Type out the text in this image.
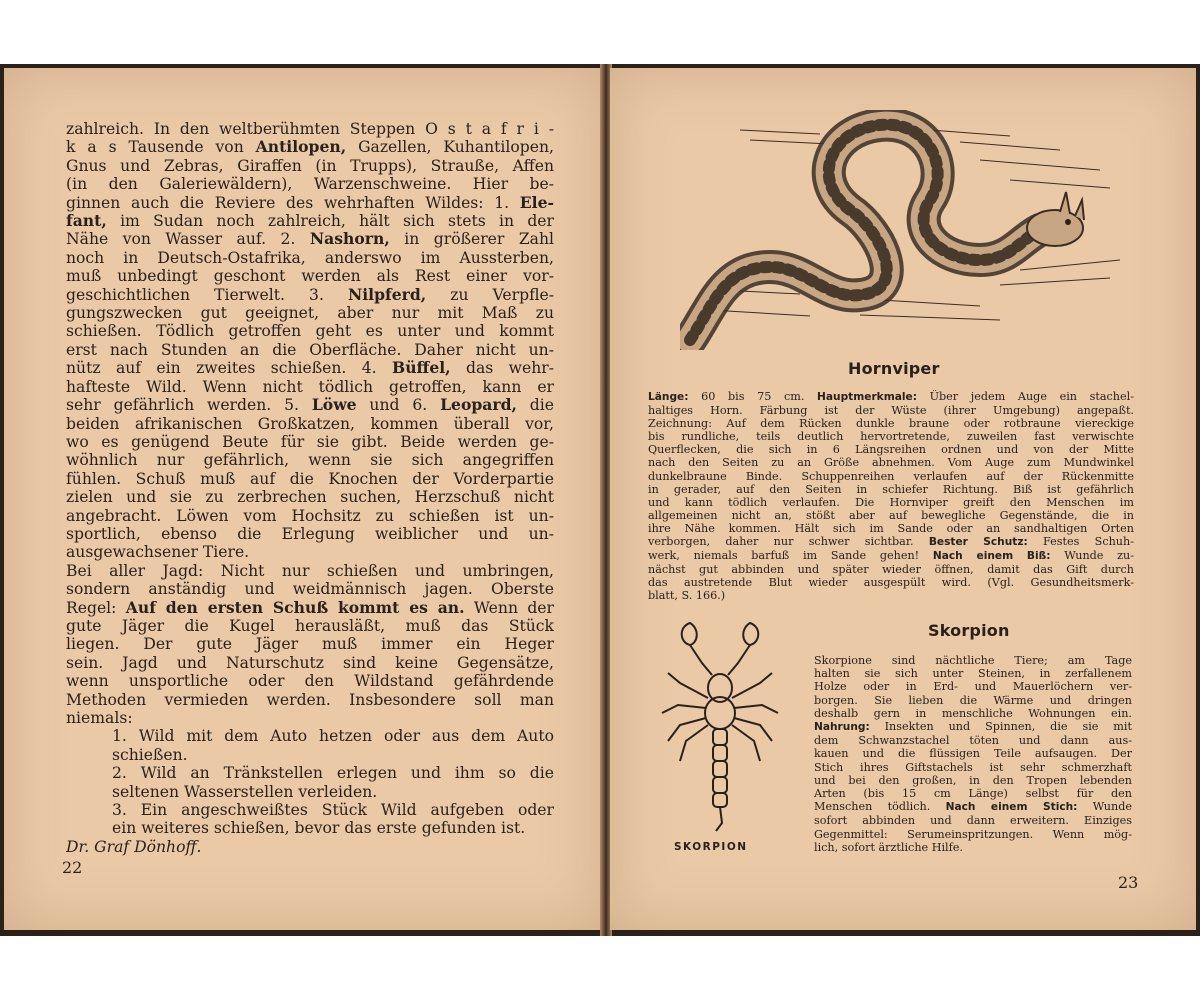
zahlreich. In den weltberühmten Steppen O s t a f r i -
k a s Tausende von Antilopen, Gazellen, Kuhantilopen,
Gnus und Zebras, Giraffen (in Trupps), Strauße, Affen
(in den Galeriewäldern), Warzenschweine. Hier be-
ginnen auch die Reviere des wehrhaften Wildes: 1. Ele-
fant, im Sudan noch zahlreich, hält sich stets in der
Nähe von Wasser auf. 2. Nashorn, in größerer Zahl
noch in Deutsch-Ostafrika, anderswo im Aussterben,
muß unbedingt geschont werden als Rest einer vor-
geschichtlichen Tierwelt. 3. Nilpferd, zu Verpfle-
gungszwecken gut geeignet, aber nur mit Maß zu
schießen. Tödlich getroffen geht es unter und kommt
erst nach Stunden an die Oberfläche. Daher nicht un-
nütz auf ein zweites schießen. 4. Büffel, das wehr-
hafteste Wild. Wenn nicht tödlich getroffen, kann er
sehr gefährlich werden. 5. Löwe und 6. Leopard, die
beiden afrikanischen Großkatzen, kommen überall vor,
wo es genügend Beute für sie gibt. Beide werden ge-
wöhnlich nur gefährlich, wenn sie sich angegriffen
fühlen. Schuß muß auf die Knochen der Vorderpartie
zielen und sie zu zerbrechen suchen, Herzschuß nicht
angebracht. Löwen vom Hochsitz zu schießen ist un-
sportlich, ebenso die Erlegung weiblicher und un-
ausgewachsener Tiere.
Bei aller Jagd: Nicht nur schießen und umbringen,
sondern anständig und weidmännisch jagen. Oberste
Regel: Auf den ersten Schuß kommt es an. Wenn der
gute Jäger die Kugel herausläßt, muß das Stück
liegen. Der gute Jäger muß immer ein Heger
sein. Jagd und Naturschutz sind keine Gegensätze,
wenn unsportliche oder den Wildstand gefährdende
Methoden vermieden werden. Insbesondere soll man
niemals:
1. Wild mit dem Auto hetzen oder aus dem Auto
schießen.
2. Wild an Tränkstellen erlegen und ihm so die
seltenen Wasserstellen verleiden.
3. Ein angeschweißtes Stück Wild aufgeben oder
ein weiteres schießen, bevor das erste gefunden ist.
Dr. Graf Dönhoff.
22
Hornviper
Länge: 60 bis 75 cm. Hauptmerkmale: Über jedem Auge ein stachel-
haltiges Horn. Färbung ist der Wüste (ihrer Umgebung) angepaßt.
Zeichnung: Auf dem Rücken dunkle braune oder rotbraune viereckige
bis rundliche, teils deutlich hervortretende, zuweilen fast verwischte
Querflecken, die sich in 6 Längsreihen ordnen und von der Mitte
nach den Seiten zu an Größe abnehmen. Vom Auge zum Mundwinkel
dunkelbraune Binde. Schuppenreihen verlaufen auf der Rückenmitte
in gerader, auf den Seiten in schiefer Richtung. Biß ist gefährlich
und kann tödlich verlaufen. Die Hornviper greift den Menschen im
allgemeinen nicht an, stößt aber auf bewegliche Gegenstände, die in
ihre Nähe kommen. Hält sich im Sande oder an sandhaltigen Orten
verborgen, daher nur schwer sichtbar. Bester Schutz: Festes Schuh-
werk, niemals barfuß im Sande gehen! Nach einem Biß: Wunde zu-
nächst gut abbinden und später wieder öffnen, damit das Gift durch
das austretende Blut wieder ausgespült wird. (Vgl. Gesundheitsmerk-
blatt, S. 166.)
Skorpion
SKORPION
Skorpione sind nächtliche Tiere; am Tage
halten sie sich unter Steinen, in zerfallenem
Holze oder in Erd- und Mauerlöchern ver-
borgen. Sie lieben die Wärme und dringen
deshalb gern in menschliche Wohnungen ein.
Nahrung: Insekten und Spinnen, die sie mit
dem Schwanzstachel töten und dann aus-
kauen und die flüssigen Teile aufsaugen. Der
Stich ihres Giftstachels ist sehr schmerzhaft
und bei den großen, in den Tropen lebenden
Arten (bis 15 cm Länge) selbst für den
Menschen tödlich. Nach einem Stich: Wunde
sofort abbinden und dann erweitern. Einziges
Gegenmittel: Serumeinspritzungen. Wenn mög-
lich, sofort ärztliche Hilfe.
23
